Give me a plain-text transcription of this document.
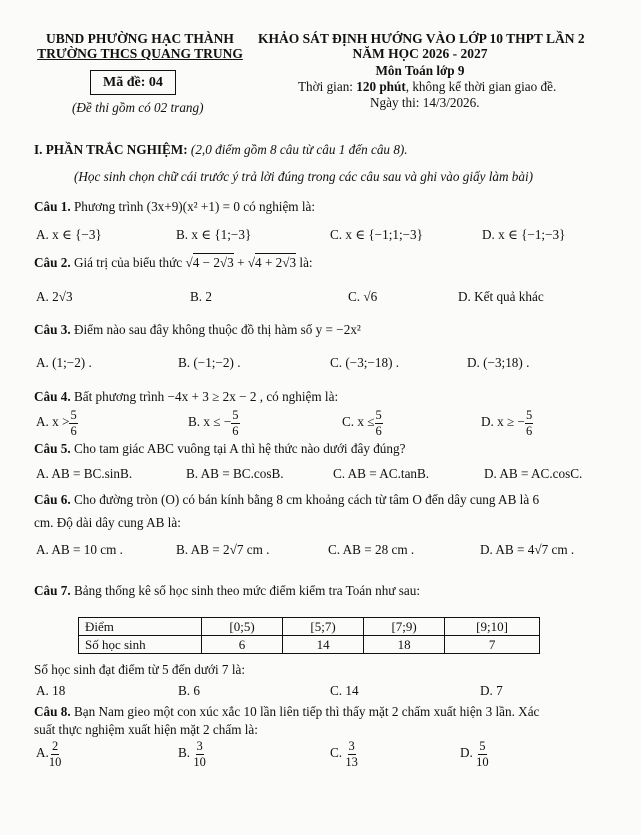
UBND PHƯỜNG HẠC THÀNH
TRƯỜNG THCS QUANG TRUNG
Mã đề: 04
(Đề thi gồm có 02 trang)
KHẢO SÁT ĐỊNH HƯỚNG VÀO LỚP 10 THPT LẦN 2
NĂM HỌC 2026 - 2027
Môn Toán lớp 9
Thời gian: 120 phút, không kể thời gian giao đề.
Ngày thi: 14/3/2026.
I. PHẦN TRẮC NGHIỆM: (2,0 điểm gồm 8 câu từ câu 1 đến câu 8).
(Học sinh chọn chữ cái trước ý trả lời đúng trong các câu sau và ghi vào giấy làm bài)
Câu 1. Phương trình (3x+9)(x² +1) = 0 có nghiệm là:
A. x ∈ {−3}	B. x ∈ {1;−3}	C. x ∈ {−1;1;−3}	D. x ∈ {−1;−3}
Câu 2. Giá trị của biểu thức √4 − 2√3 + √4 + 2√3 là:
A. 2√3	B. 2	C. √6	D. Kết quả khác
Câu 3. Điểm nào sau đây không thuộc đồ thị hàm số y = −2x²
A. (1;−2) .	B. (−1;−2) .	C. (−3;−18) .	D. (−3;18) .
Câu 4. Bất phương trình −4x + 3 ≥ 2x − 2 , có nghiệm là:
A. $x > \frac{5}{6}$	B. x ≤ − $\frac{5}{6}$	C. $x \le \frac{5}{6}$	D. x ≥ − $\frac{5}{6}$
Câu 5. Cho tam giác ABC vuông tại A thì hệ thức nào dưới đây đúng?
A. AB = BC.sinB.	B. AB = BC.cosB.	C. AB = AC.tanB.	D. AB = AC.cosC.
Câu 6. Cho đường tròn (O) có bán kính bằng 8 cm khoảng cách từ tâm O đến dây cung AB là 6
cm. Độ dài dây cung AB là:
A. AB = 10 cm .	B. AB = 2√7 cm .	C. AB = 28 cm .	D. AB = 4√7 cm .
Câu 7. Bảng thống kê số học sinh theo mức điểm kiểm tra Toán như sau:
Điểm	[0;5)	[5;7)	[7;9)	[9;10]
Số học sinh	6	14	18	7
Số học sinh đạt điểm từ 5 đến dưới 7 là:
A. 18	B. 6	C. 14	D. 7
Câu 8. Bạn Nam gieo một con xúc xắc 10 lần liên tiếp thì thấy mặt 2 chấm xuất hiện 3 lần. Xác
suất thực nghiệm xuất hiện mặt 2 chấm là:
A. $\frac{2}{10}$	B. $\frac{3}{10}$	C. $\frac{3}{13}$	D. $\frac{5}{10}$
